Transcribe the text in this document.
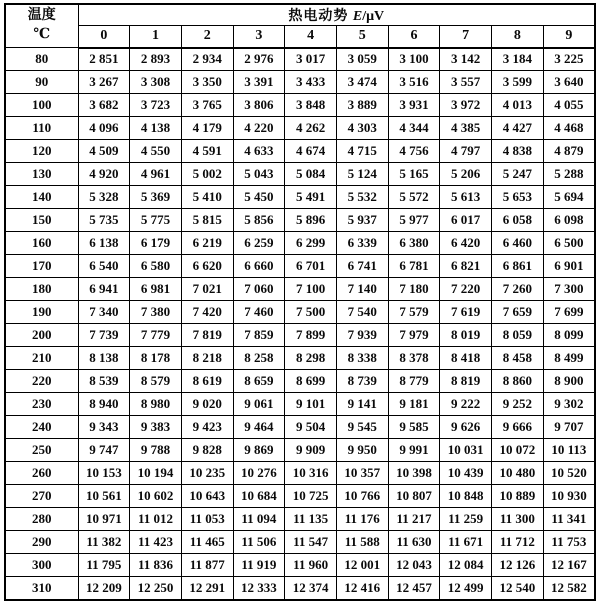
温度
℃	热电动势 E/μV									
	0	1	2	3	4	5	6	7	8	9
80	2 851	2 893	2 934	2 976	3 017	3 059	3 100	3 142	3 184	3 225
90	3 267	3 308	3 350	3 391	3 433	3 474	3 516	3 557	3 599	3 640
100	3 682	3 723	3 765	3 806	3 848	3 889	3 931	3 972	4 013	4 055
110	4 096	4 138	4 179	4 220	4 262	4 303	4 344	4 385	4 427	4 468
120	4 509	4 550	4 591	4 633	4 674	4 715	4 756	4 797	4 838	4 879
130	4 920	4 961	5 002	5 043	5 084	5 124	5 165	5 206	5 247	5 288
140	5 328	5 369	5 410	5 450	5 491	5 532	5 572	5 613	5 653	5 694
150	5 735	5 775	5 815	5 856	5 896	5 937	5 977	6 017	6 058	6 098
160	6 138	6 179	6 219	6 259	6 299	6 339	6 380	6 420	6 460	6 500
170	6 540	6 580	6 620	6 660	6 701	6 741	6 781	6 821	6 861	6 901
180	6 941	6 981	7 021	7 060	7 100	7 140	7 180	7 220	7 260	7 300
190	7 340	7 380	7 420	7 460	7 500	7 540	7 579	7 619	7 659	7 699
200	7 739	7 779	7 819	7 859	7 899	7 939	7 979	8 019	8 059	8 099
210	8 138	8 178	8 218	8 258	8 298	8 338	8 378	8 418	8 458	8 499
220	8 539	8 579	8 619	8 659	8 699	8 739	8 779	8 819	8 860	8 900
230	8 940	8 980	9 020	9 061	9 101	9 141	9 181	9 222	9 252	9 302
240	9 343	9 383	9 423	9 464	9 504	9 545	9 585	9 626	9 666	9 707
250	9 747	9 788	9 828	9 869	9 909	9 950	9 991	10 031	10 072	10 113
260	10 153	10 194	10 235	10 276	10 316	10 357	10 398	10 439	10 480	10 520
270	10 561	10 602	10 643	10 684	10 725	10 766	10 807	10 848	10 889	10 930
280	10 971	11 012	11 053	11 094	11 135	11 176	11 217	11 259	11 300	11 341
290	11 382	11 423	11 465	11 506	11 547	11 588	11 630	11 671	11 712	11 753
300	11 795	11 836	11 877	11 919	11 960	12 001	12 043	12 084	12 126	12 167
310	12 209	12 250	12 291	12 333	12 374	12 416	12 457	12 499	12 540	12 582
